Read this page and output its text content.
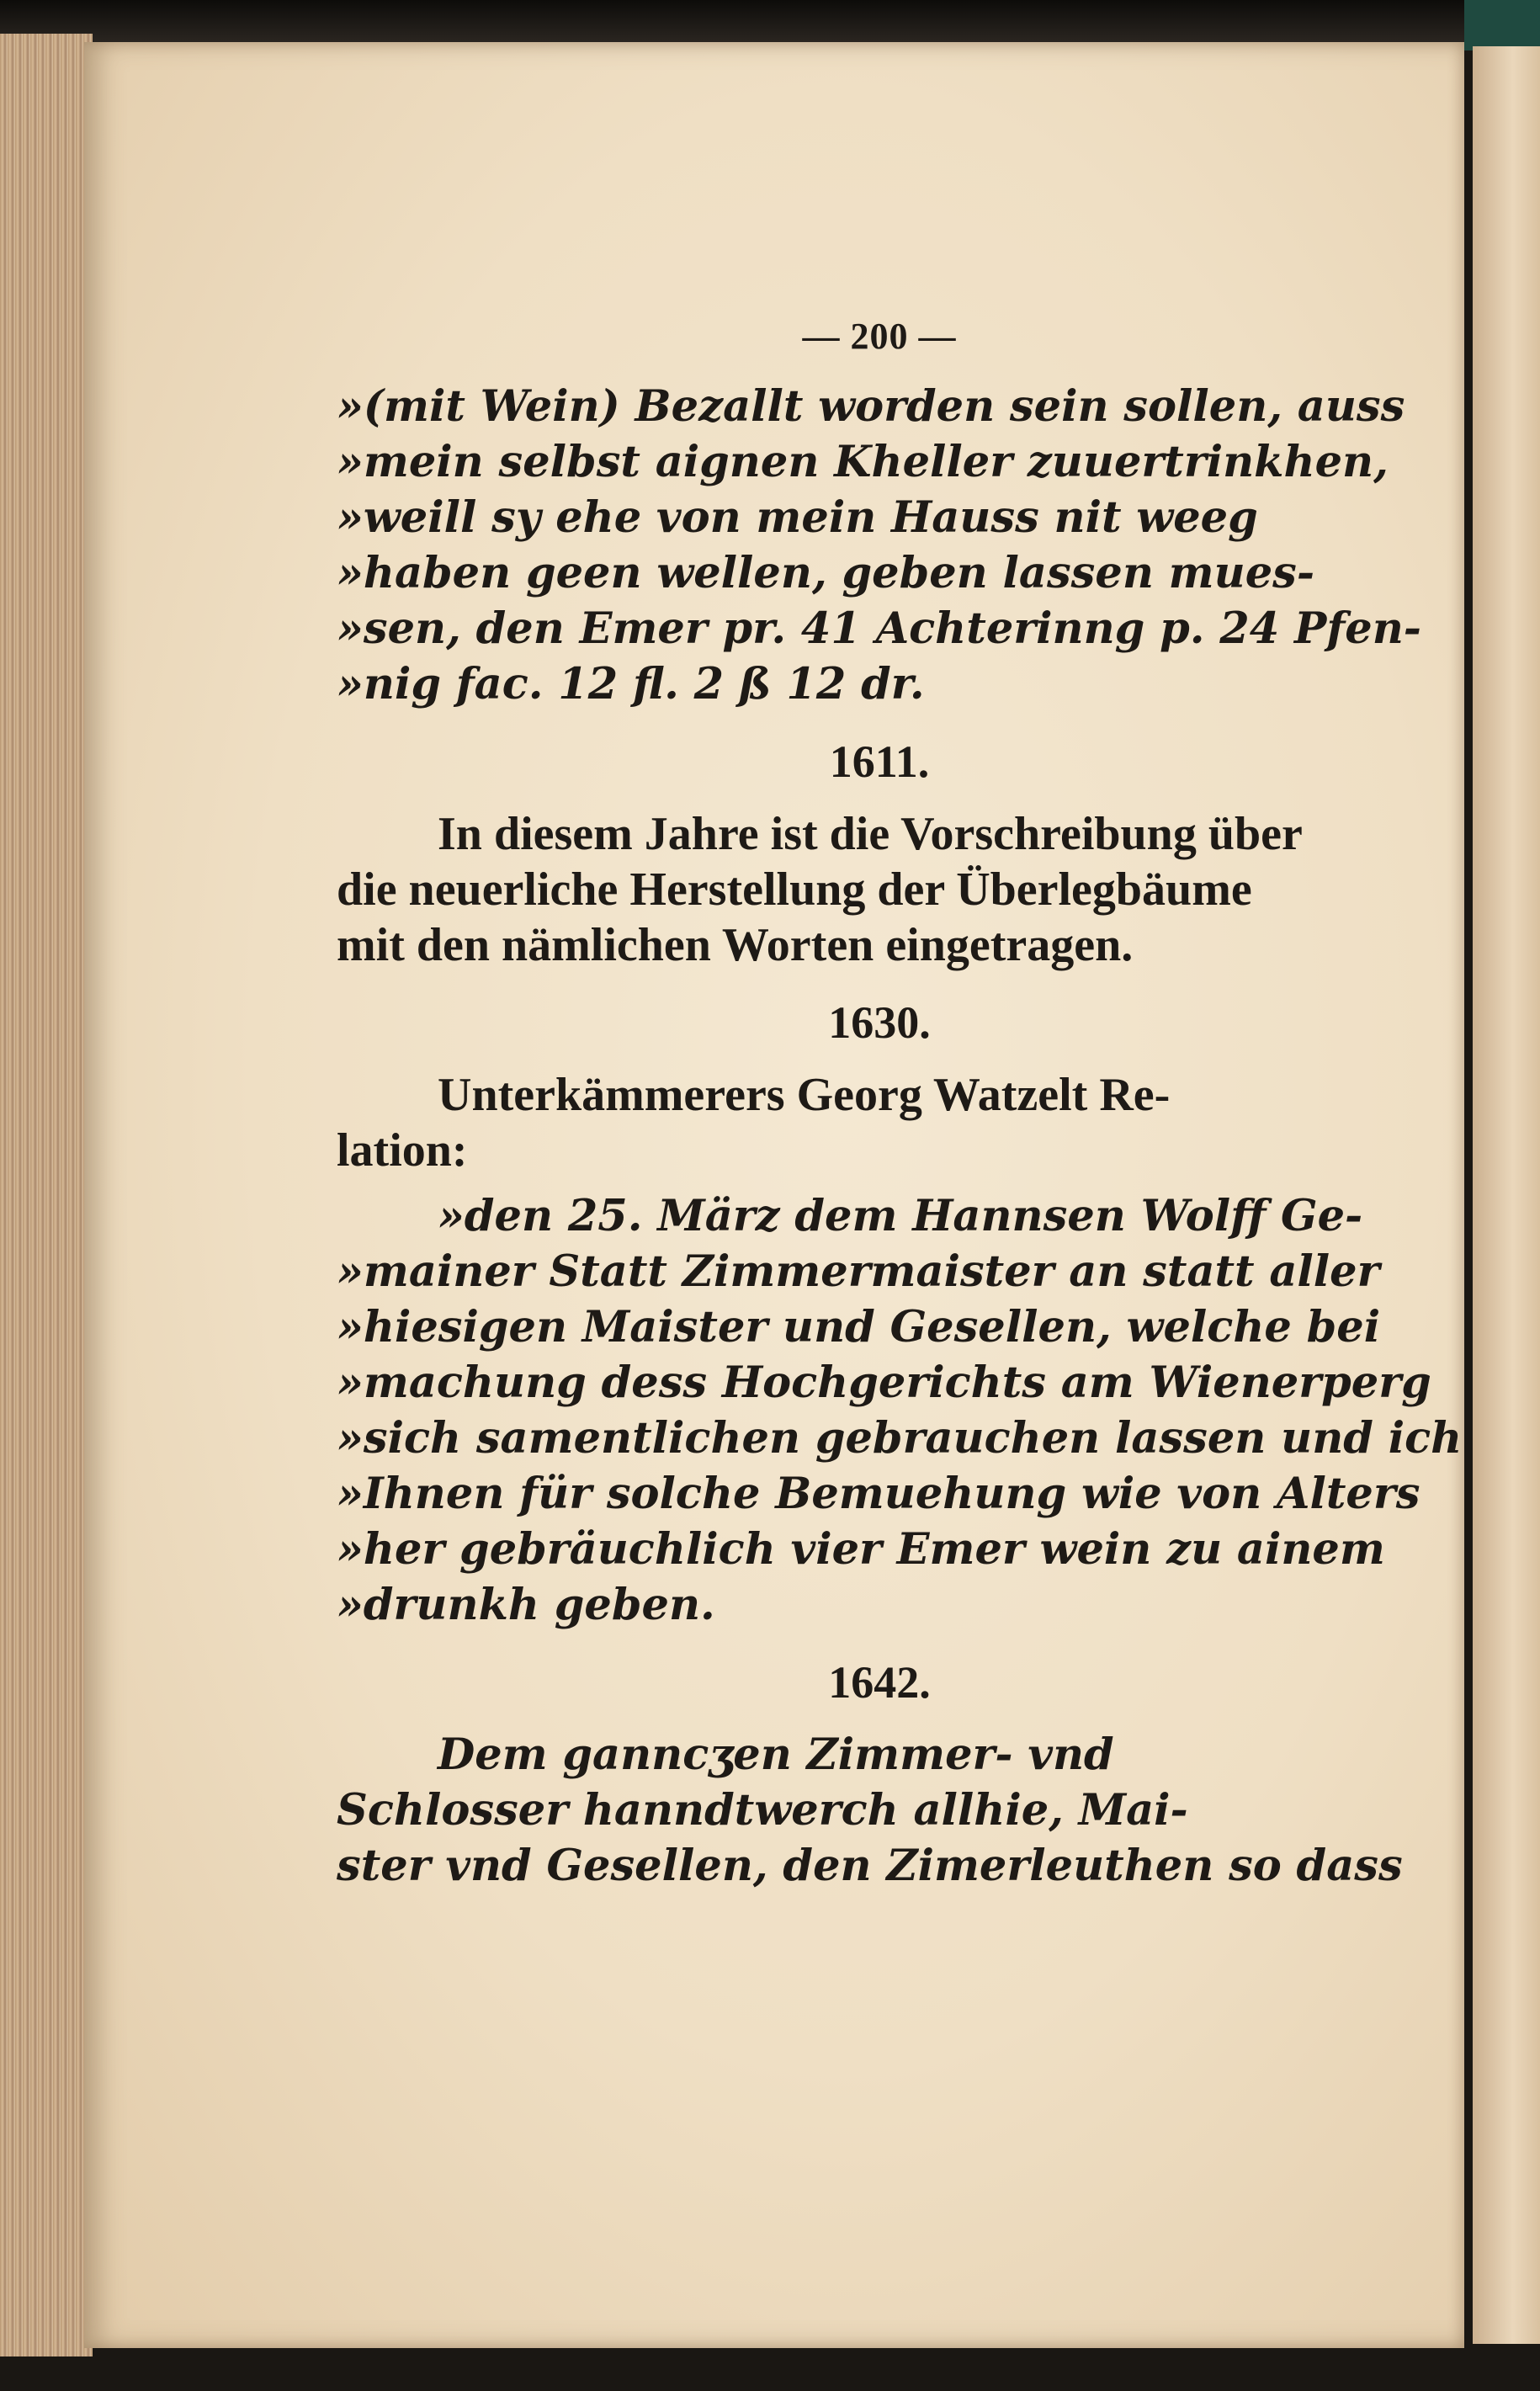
— 200 —
»(mit Wein) Bezallt worden sein sollen, auss
»mein selbst aignen Kheller zuuertrinkhen,
»weill sy ehe von mein Hauss nit weeg
»haben geen wellen, geben lassen mues-
»sen, den Emer pr. 41 Achterinng p. 24 Pfen-
»nig fac. 12 fl. 2 ß 12 dr.
1611.
In diesem Jahre ist die Vorschreibung über
die neuerliche Herstellung der Überlegbäume
mit den nämlichen Worten eingetragen.
1630.
Unterkämmerers Georg Watzelt Re-
lation:
»den 25. März dem Hannsen Wolff Ge-
»mainer Statt Zimmermaister an statt aller
»hiesigen Maister und Gesellen, welche bei
»machung dess Hochgerichts am Wienerperg
»sich samentlichen gebrauchen lassen und ich
»Ihnen für solche Bemuehung wie von Alters
»her gebräuchlich vier Emer wein zu ainem
»drunkh geben.
1642.
Dem ganncʒen Zimmer- vnd
Schlosser hanndtwerch allhie, Mai-
ster vnd Gesellen, den Zimerleuthen so dass
